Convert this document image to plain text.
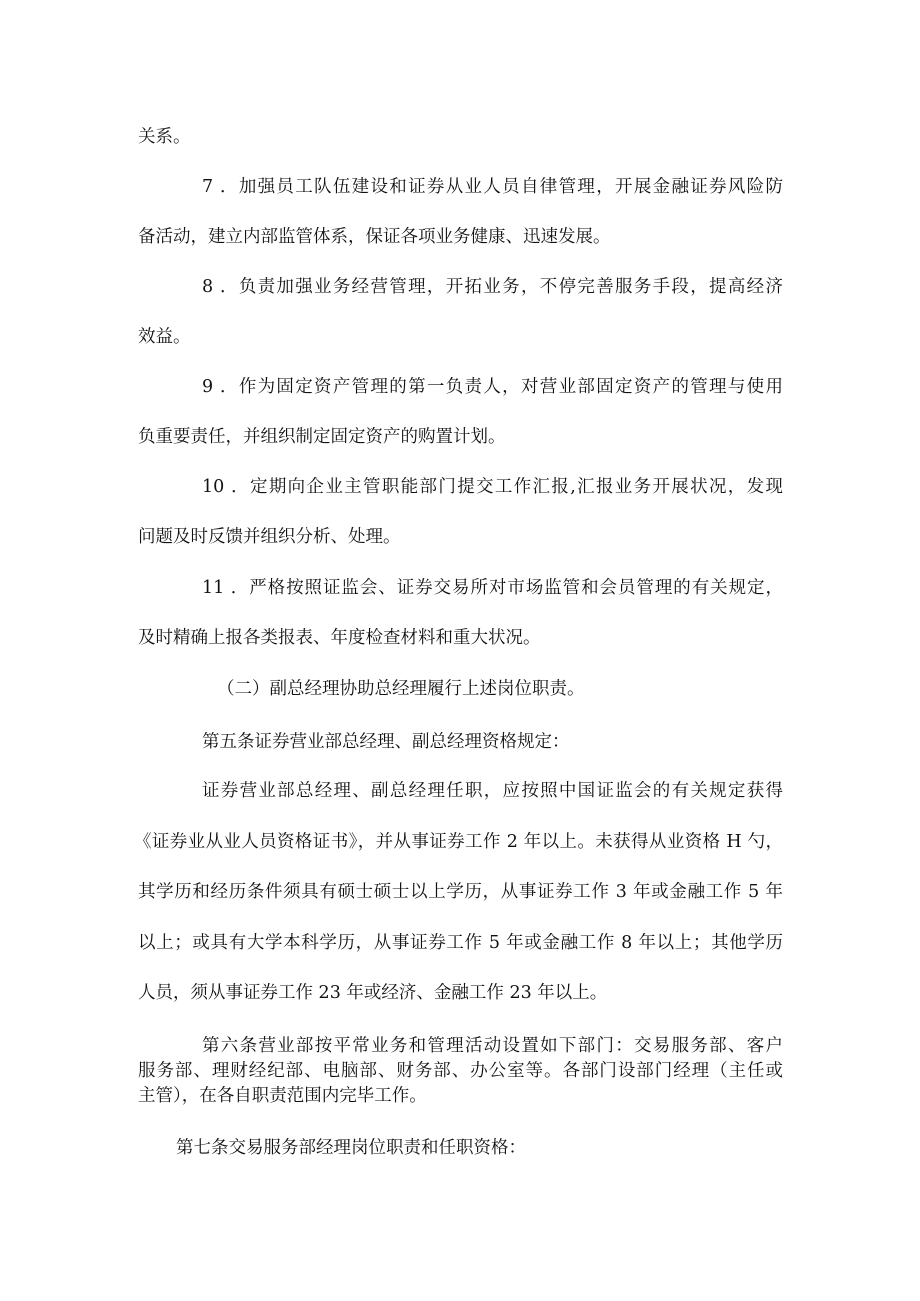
关系。
7 ．加强员工队伍建设和证券从业人员自律管理，开展金融证券风险防
备活动，建立内部监管体系，保证各项业务健康、迅速发展。
8 ．负责加强业务经营管理，开拓业务，不停完善服务手段，提高经济
效益。
9 ．作为固定资产管理的第一负责人，对营业部固定资产的管理与使用
负重要责任，并组织制定固定资产的购置计划。
10 ．定期向企业主管职能部门提交工作汇报,汇报业务开展状况，发现
问题及时反馈并组织分析、处理。
11 ．严格按照证监会、证券交易所对市场监管和会员管理的有关规定，
及时精确上报各类报表、年度检查材料和重大状况。
（二）副总经理协助总经理履行上述岗位职责。
第五条证券营业部总经理、副总经理资格规定：
证券营业部总经理、副总经理任职，应按照中国证监会的有关规定获得
《证券业从业人员资格证书》，并从事证券工作 2 年以上。未获得从业资格 H 勺，
其学历和经历条件须具有硕士硕士以上学历，从事证券工作 3 年或金融工作 5 年
以上；或具有大学本科学历，从事证券工作 5 年或金融工作 8 年以上；其他学历
人员，须从事证券工作 23 年或经济、金融工作 23 年以上。
第六条营业部按平常业务和管理活动设置如下部门：交易服务部、客户
服务部、理财经纪部、电脑部、财务部、办公室等。各部门设部门经理（主任或
主管），在各自职责范围内完毕工作。
第七条交易服务部经理岗位职责和任职资格：
